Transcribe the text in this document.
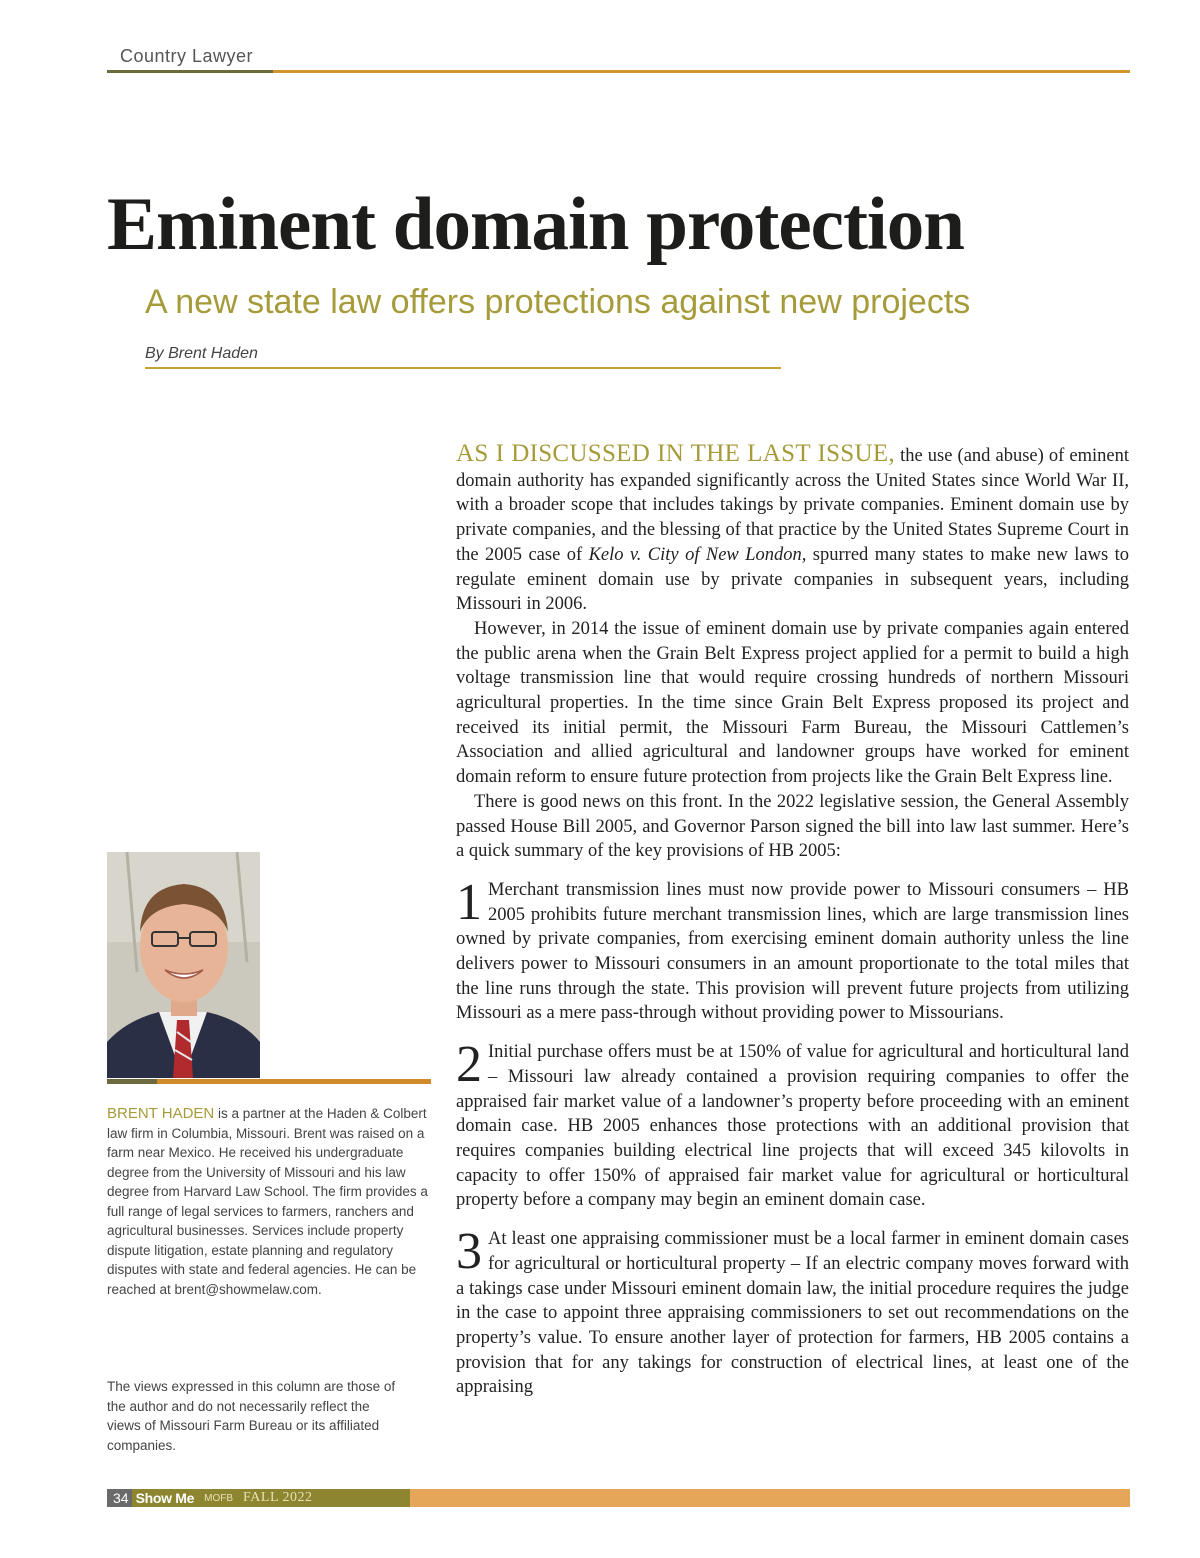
Country Lawyer
Eminent domain protection
A new state law offers protections against new projects
By Brent Haden

BRENT HADEN is a partner at the Haden & Colbert law firm in Columbia, Missouri. Brent was raised on a farm near Mexico. He received his undergraduate degree from the University of Missouri and his law degree from Harvard Law School. The firm provides a full range of legal services to farmers, ranchers and agricultural businesses. Services include property dispute litigation, estate planning and regulatory disputes with state and federal agencies. He can be reached at brent@showmelaw.com.

The views expressed in this column are those of the author and do not necessarily reflect the views of Missouri Farm Bureau or its affiliated companies.

AS I DISCUSSED IN THE LAST ISSUE, the use (and abuse) of eminent domain authority has expanded significantly across the United States since World War II, with a broader scope that includes takings by private companies. Eminent domain use by private companies, and the blessing of that practice by the United States Supreme Court in the 2005 case of Kelo v. City of New London, spurred many states to make new laws to regulate eminent domain use by private companies in subsequent years, including Missouri in 2006.

However, in 2014 the issue of eminent domain use by private companies again entered the public arena when the Grain Belt Express project applied for a permit to build a high voltage transmission line that would require crossing hundreds of northern Missouri agricultural properties. In the time since Grain Belt Express proposed its project and received its initial permit, the Missouri Farm Bureau, the Missouri Cattlemen’s Association and allied agricultural and landowner groups have worked for eminent domain reform to ensure future protection from projects like the Grain Belt Express line.

There is good news on this front. In the 2022 legislative session, the General Assembly passed House Bill 2005, and Governor Parson signed the bill into law last summer. Here’s a quick summary of the key provisions of HB 2005:

1 Merchant transmission lines must now provide power to Missouri consumers – HB 2005 prohibits future merchant transmission lines, which are large transmission lines owned by private companies, from exercising eminent domain authority unless the line delivers power to Missouri consumers in an amount proportionate to the total miles that the line runs through the state. This provision will prevent future projects from utilizing Missouri as a mere pass-through without providing power to Missourians.

2 Initial purchase offers must be at 150% of value for agricultural and horticultural land – Missouri law already contained a provision requiring companies to offer the appraised fair market value of a landowner’s property before proceeding with an eminent domain case. HB 2005 enhances those protections with an additional provision that requires companies building electrical line projects that will exceed 345 kilovolts in capacity to offer 150% of appraised fair market value for agricultural or horticultural property before a company may begin an eminent domain case.

3 At least one appraising commissioner must be a local farmer in eminent domain cases for agricultural or horticultural property – If an electric company moves forward with a takings case under Missouri eminent domain law, the initial procedure requires the judge in the case to appoint three appraising commissioners to set out recommendations on the property’s value. To ensure another layer of protection for farmers, HB 2005 contains a provision that for any takings for construction of electrical lines, at least one of the appraising

34 Show Me MOFB FALL 2022
